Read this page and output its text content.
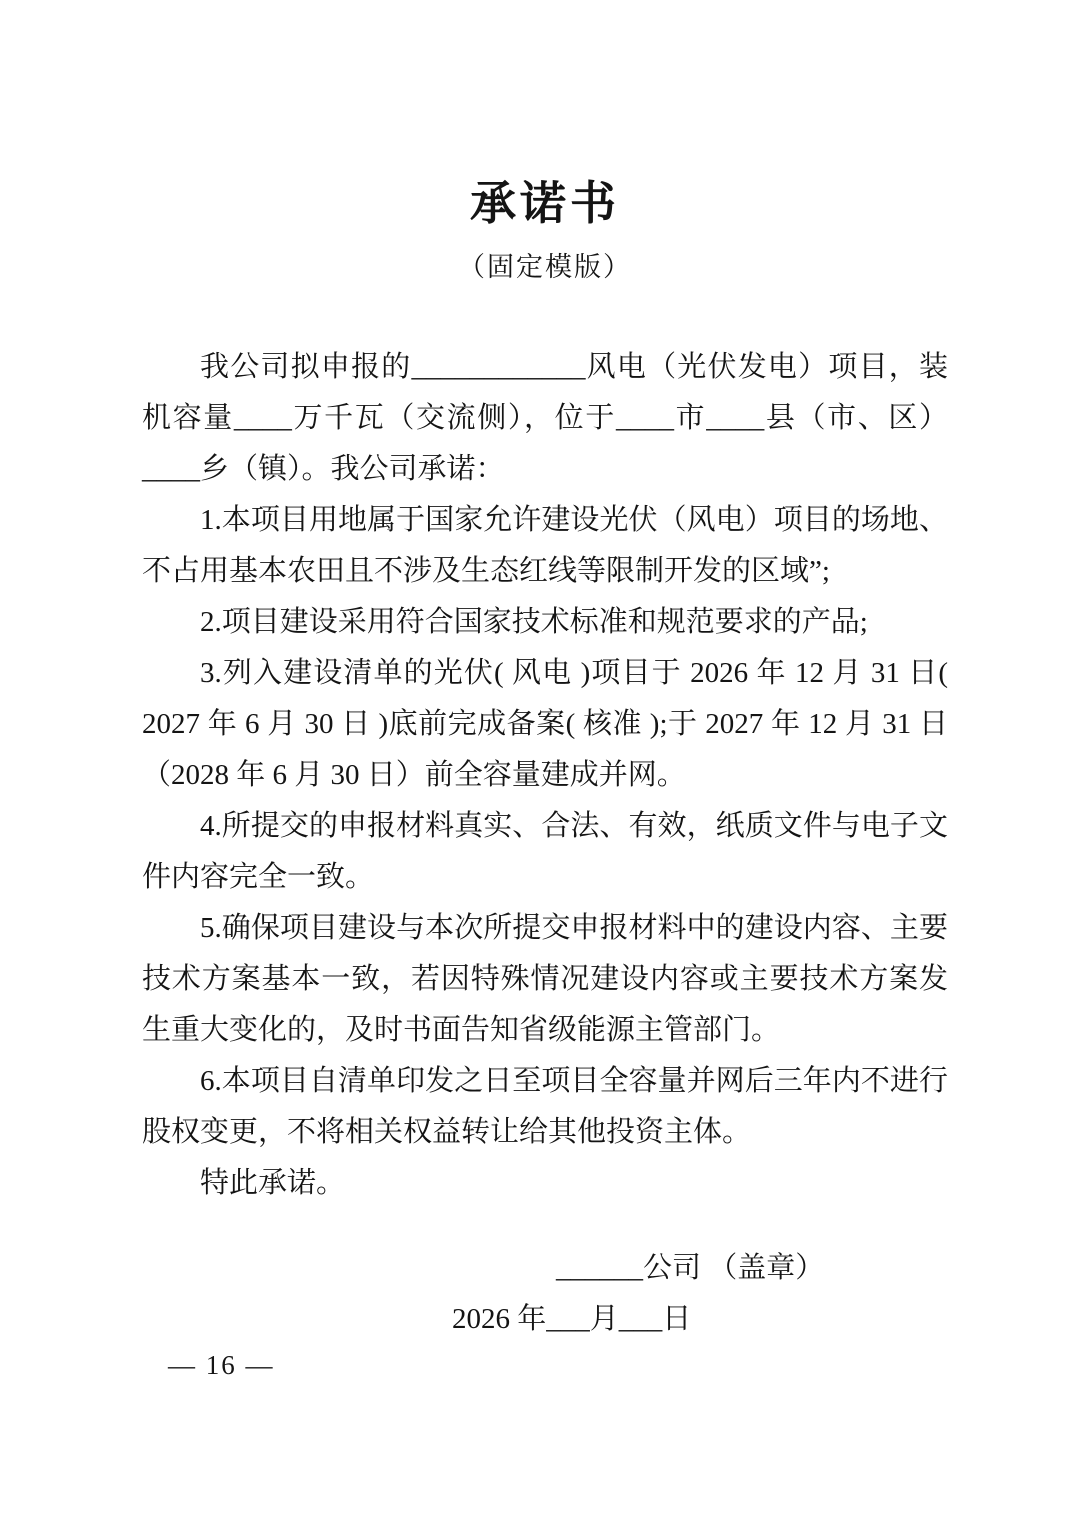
承诺书
（固定模版）

我公司拟申报的____________风电（光伏发电）项目，装机容量____万千瓦（交流侧），位于____市____县（市、区）____乡（镇）。我公司承诺：

1.本项目用地属于国家允许建设光伏（风电）项目的场地、不占用基本农田且不涉及生态红线等限制开发的区域”;

2.项目建设采用符合国家技术标准和规范要求的产品;

3.列入建设清单的光伏( 风电 )项目于 2026 年 12 月 31 日( 2027 年 6 月 30 日 )底前完成备案( 核准 );于 2027 年 12 月 31 日（2028 年 6 月 30 日）前全容量建成并网。

4.所提交的申报材料真实、合法、有效，纸质文件与电子文件内容完全一致。

5.确保项目建设与本次所提交申报材料中的建设内容、主要技术方案基本一致，若因特殊情况建设内容或主要技术方案发生重大变化的，及时书面告知省级能源主管部门。

6.本项目自清单印发之日至项目全容量并网后三年内不进行股权变更，不将相关权益转让给其他投资主体。

特此承诺。

______公司 （盖章）
2026 年___月___日
— 16 —
